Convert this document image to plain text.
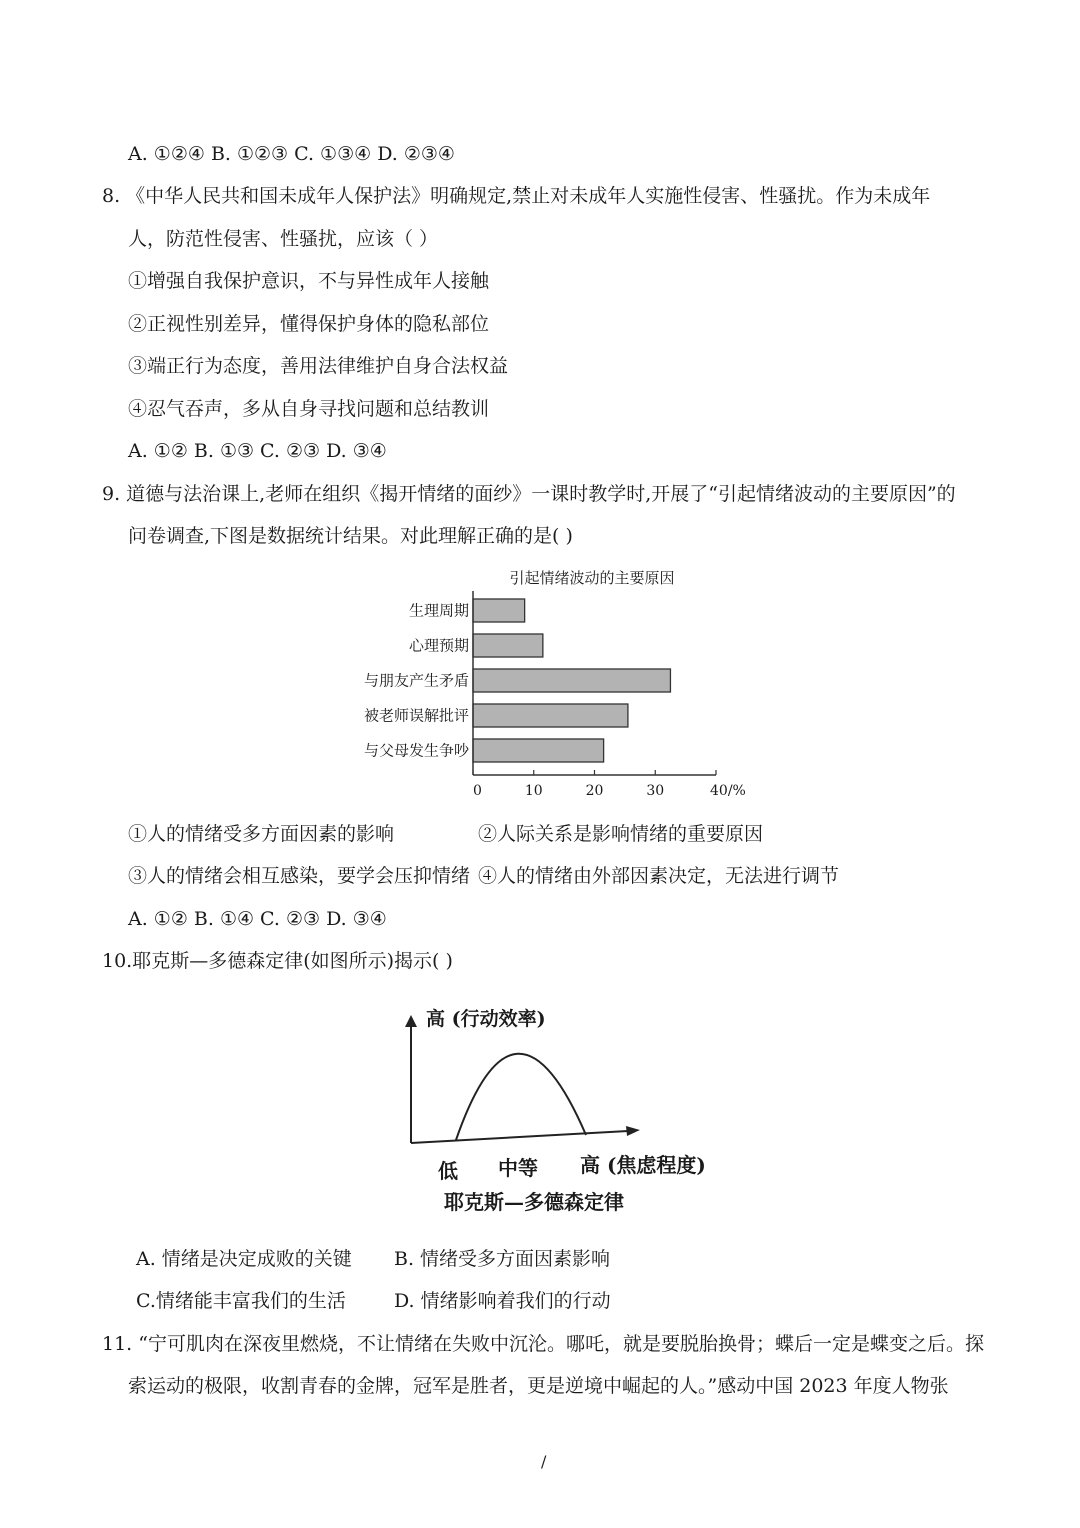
A. ①②④ B. ①②③ C. ①③④ D. ②③④
8. 《中华人民共和国未成年人保护法》明确规定,禁止对未成年人实施性侵害、性骚扰。作为未成年
人，防范性侵害、性骚扰，应该（ ）
①增强自我保护意识，不与异性成年人接触
②正视性别差异，懂得保护身体的隐私部位
③端正行为态度，善用法律维护自身合法权益
④忍气吞声，多从自身寻找问题和总结教训
A. ①② B. ①③ C. ②③ D. ③④
9. 道德与法治课上,老师在组织《揭开情绪的面纱》一课时教学时,开展了“引起情绪波动的主要原因”的
问卷调查,下图是数据统计结果。对此理解正确的是( )
引起情绪波动的主要原因
生理周期
心理预期
与朋友产生矛盾
被老师误解批评
与父母发生争吵
0	10	20	30	40/%
①人的情绪受多方面因素的影响	②人际关系是影响情绪的重要原因
③人的情绪会相互感染，要学会压抑情绪 ④人的情绪由外部因素决定，无法进行调节
A. ①② B. ①④ C. ②③ D. ③④
10.耶克斯—多德森定律(如图所示)揭示( )
高 (行动效率)
低 中等 高 (焦虑程度)
耶克斯—多德森定律
A. 情绪是决定成败的关键 B. 情绪受多方面因素影响
C.情绪能丰富我们的生活	D. 情绪影响着我们的行动
11. “宁可肌肉在深夜里燃烧，不让情绪在失败中沉沦。哪吒，就是要脱胎换骨；蝶后一定是蝶变之后。探
索运动的极限，收割青春的金牌，冠军是胜者，更是逆境中崛起的人。”感动中国 2023 年度人物张
/
